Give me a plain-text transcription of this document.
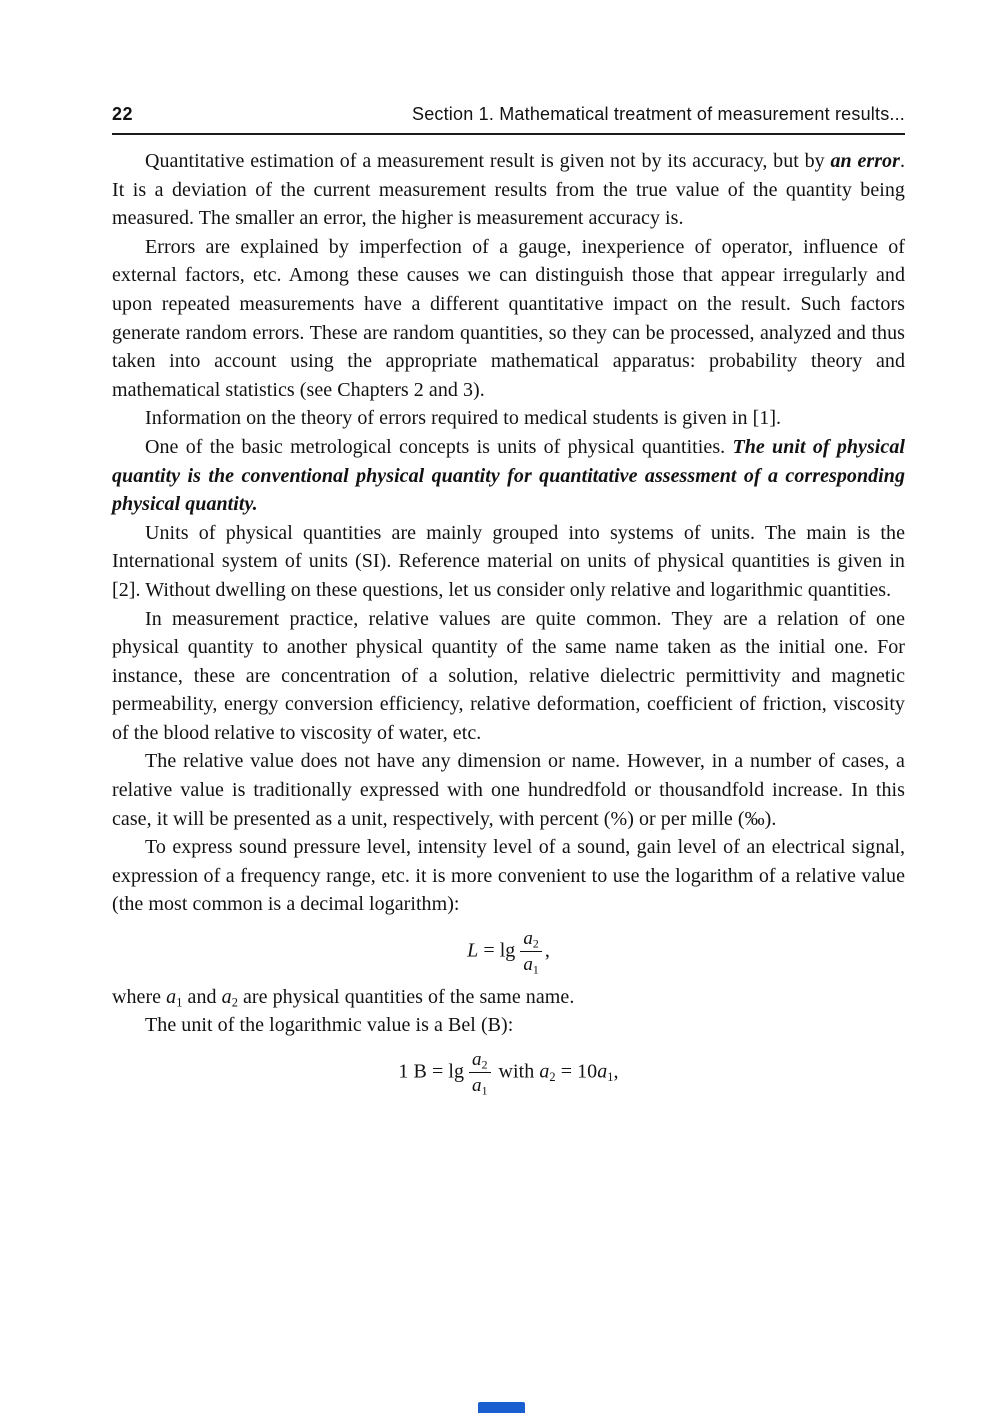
22	Section 1. Mathematical treatment of measurement results...

Quantitative estimation of a measurement result is given not by its accuracy, but by an error. It is a deviation of the current measurement results from the true value of the quantity being measured. The smaller an error, the higher is measurement accuracy is.

Errors are explained by imperfection of a gauge, inexperience of operator, influence of external factors, etc. Among these causes we can distinguish those that appear irregularly and upon repeated measurements have a different quantitative impact on the result. Such factors generate random errors. These are random quantities, so they can be processed, analyzed and thus taken into account using the appropriate mathematical apparatus: probability theory and mathematical statistics (see Chapters 2 and 3).

Information on the theory of errors required to medical students is given in [1].

One of the basic metrological concepts is units of physical quantities. The unit of physical quantity is the conventional physical quantity for quantitative assessment of a corresponding physical quantity.

Units of physical quantities are mainly grouped into systems of units. The main is the International system of units (SI). Reference material on units of physical quantities is given in [2]. Without dwelling on these questions, let us consider only relative and logarithmic quantities.

In measurement practice, relative values are quite common. They are a relation of one physical quantity to another physical quantity of the same name taken as the initial one. For instance, these are concentration of a solution, relative dielectric permittivity and magnetic permeability, energy conversion efficiency, relative deformation, coefficient of friction, viscosity of the blood relative to viscosity of water, etc.

The relative value does not have any dimension or name. However, in a number of cases, a relative value is traditionally expressed with one hundredfold or thousandfold increase. In this case, it will be presented as a unit, respectively, with percent (%) or per mille (‰).

To express sound pressure level, intensity level of a sound, gain level of an electrical signal, expression of a frequency range, etc. it is more convenient to use the logarithm of a relative value (the most common is a decimal logarithm):

$L = \lg \frac{a_2}{a_1}$ ,

where $a_1$ and $a_2$ are physical quantities of the same name.

The unit of the logarithmic value is a Bel (B):

1 $B = \lg \frac{a_2}{a_1}$ with $a_2 = 10a_1$,
